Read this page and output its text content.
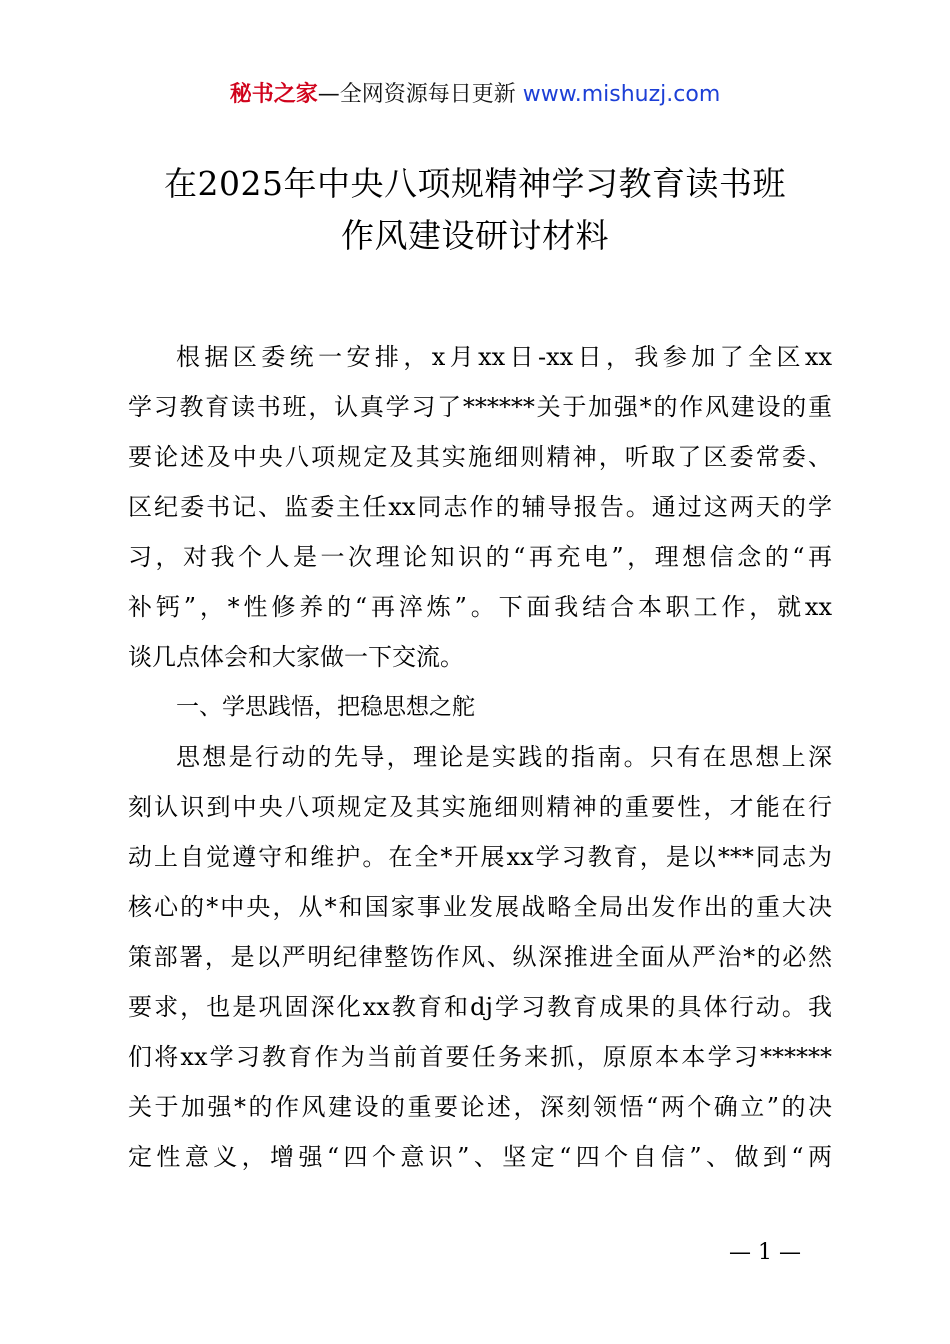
秘书之家—全网资源每日更新 www.mishuzj.com
在2025年中央八项规精神学习教育读书班
作风建设研讨材料
根据区委统一安排，x月xx日-xx日，我参加了全区xx
学习教育读书班，认真学习了******关于加强*的作风建设的重
要论述及中央八项规定及其实施细则精神，听取了区委常委、
区纪委书记、监委主任xx同志作的辅导报告。通过这两天的学
习，对我个人是一次理论知识的“再充电”，理想信念的“再
补钙”，*性修养的“再淬炼”。下面我结合本职工作，就xx
谈几点体会和大家做一下交流。
一、学思践悟，把稳思想之舵
思想是行动的先导，理论是实践的指南。只有在思想上深
刻认识到中央八项规定及其实施细则精神的重要性，才能在行
动上自觉遵守和维护。在全*开展xx学习教育，是以***同志为
核心的*中央，从*和国家事业发展战略全局出发作出的重大决
策部署，是以严明纪律整饬作风、纵深推进全面从严治*的必然
要求，也是巩固深化xx教育和dj学习教育成果的具体行动。我
们将xx学习教育作为当前首要任务来抓，原原本本学习******
关于加强*的作风建设的重要论述，深刻领悟“两个确立”的决
定性意义，增强“四个意识”、坚定“四个自信”、做到“两
— 1 —
